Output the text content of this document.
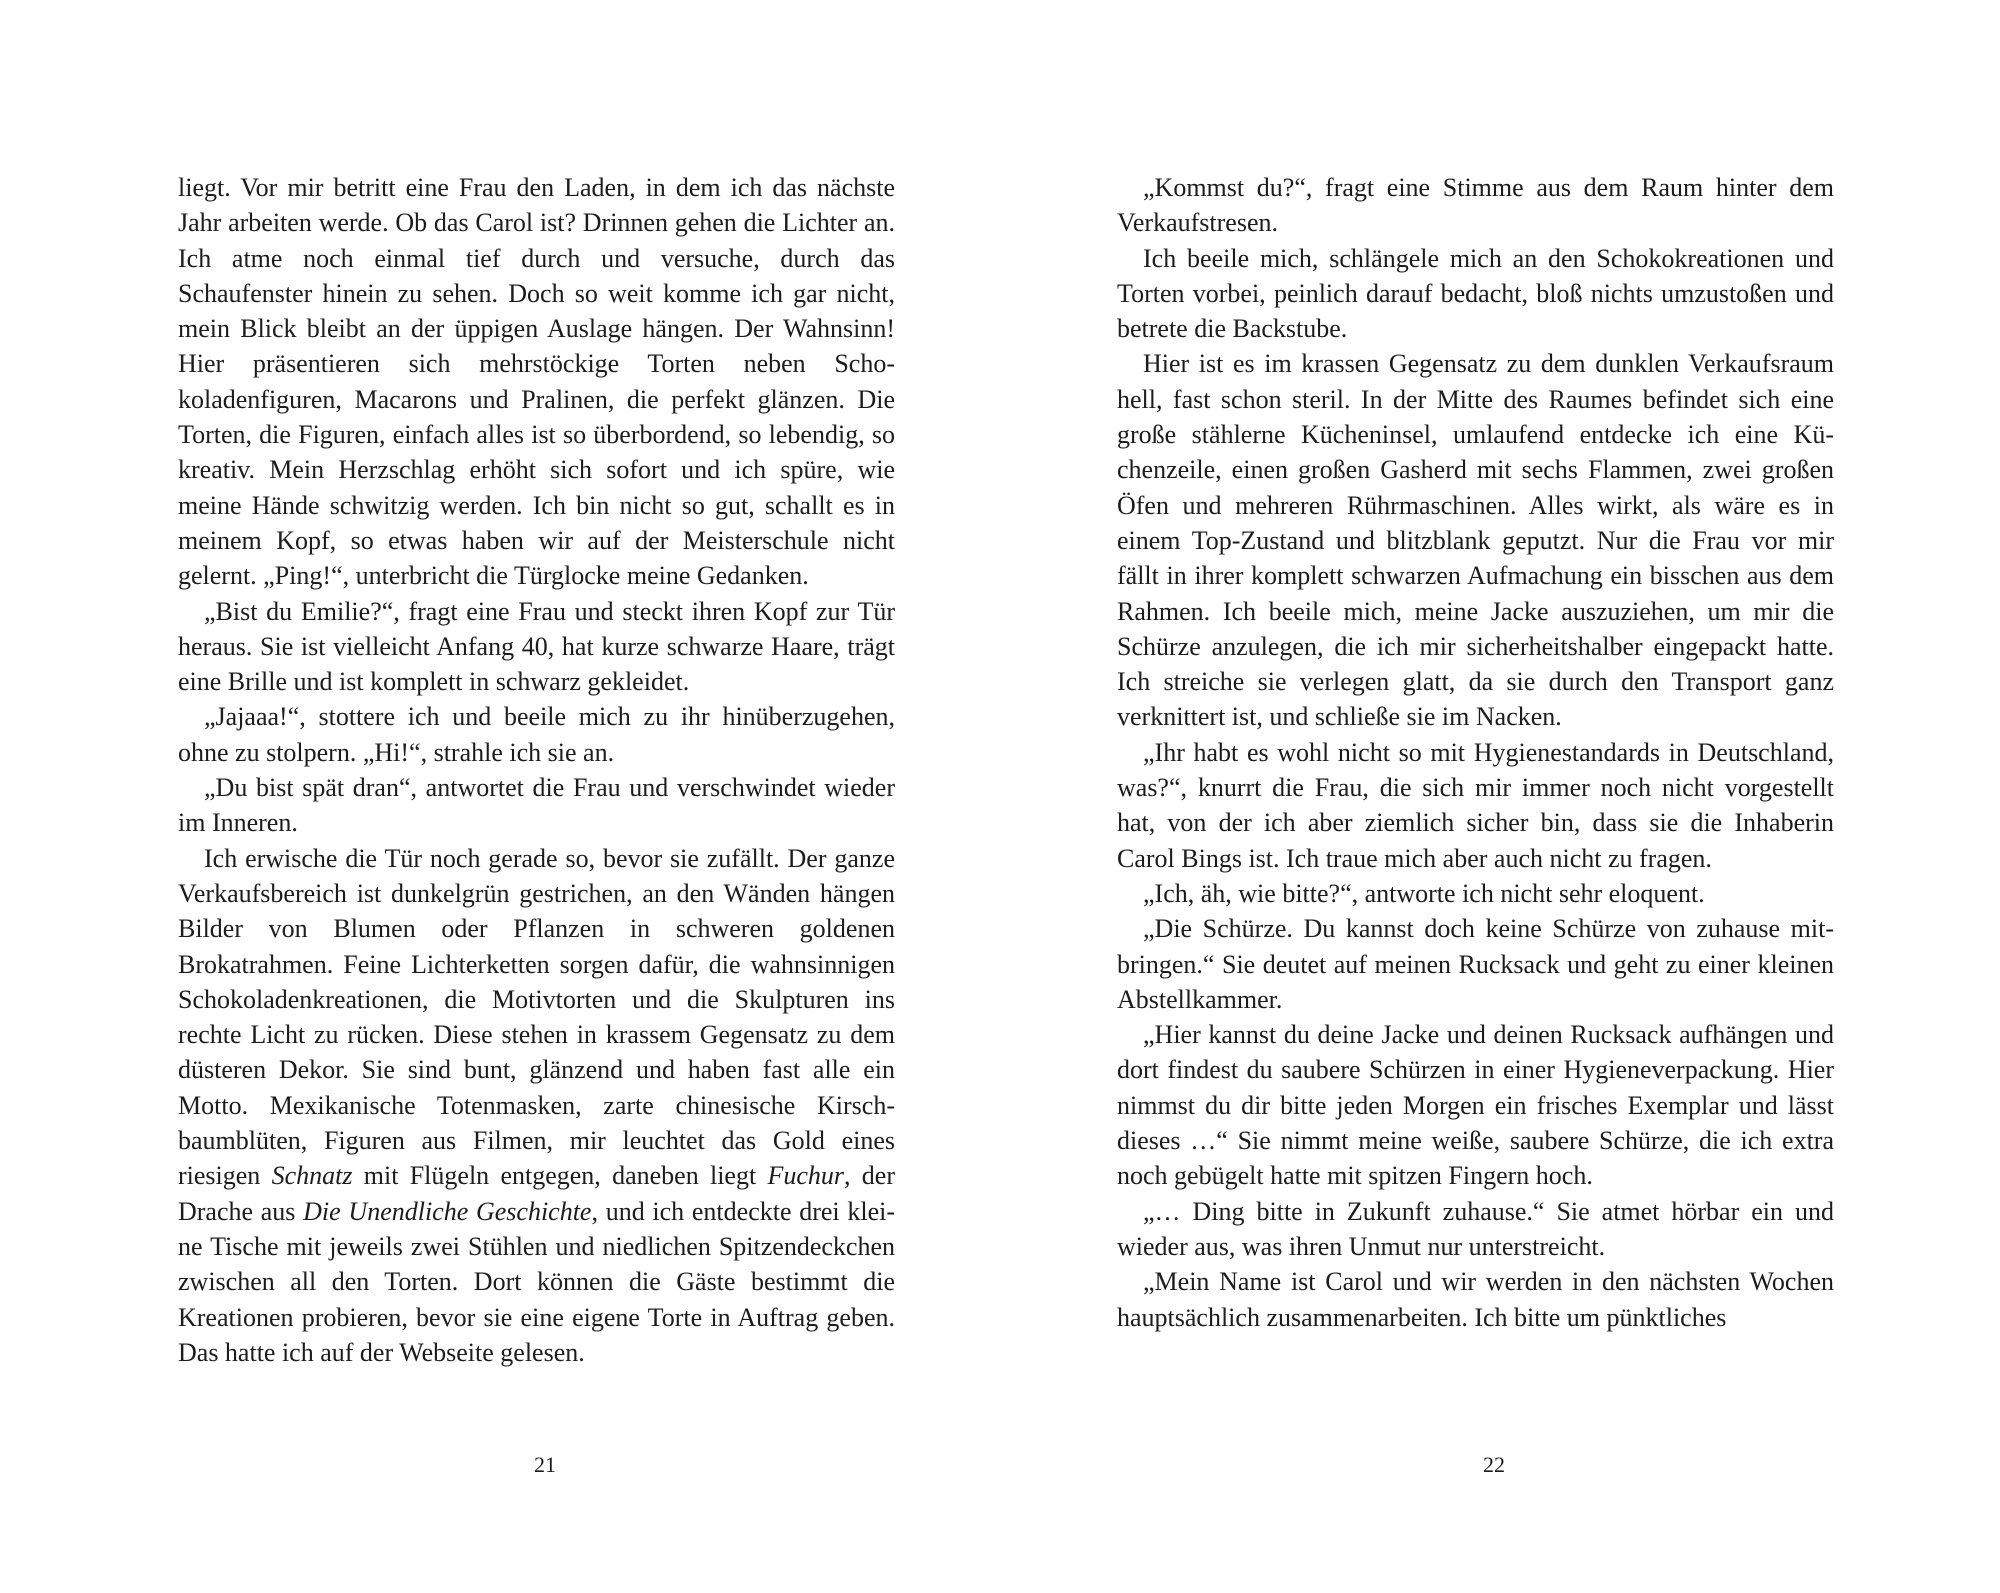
liegt. Vor mir betritt eine Frau den Laden, in dem ich das nächste Jahr arbeiten werde. Ob das Carol ist? Drinnen gehen die Lichter an. Ich atme noch einmal tief durch und versuche, durch das Schaufenster hinein zu sehen. Doch so weit komme ich gar nicht, mein Blick bleibt an der üppigen Auslage hängen. Der Wahnsinn! Hier präsentieren sich mehrstöckige Torten neben Schokoladenfiguren, Macarons und Pralinen, die perfekt glänzen. Die Torten, die Figuren, einfach alles ist so überbordend, so lebendig, so kreativ. Mein Herzschlag erhöht sich sofort und ich spüre, wie meine Hände schwitzig werden. Ich bin nicht so gut, schallt es in meinem Kopf, so etwas haben wir auf der Meisterschule nicht gelernt. „Ping!“, unterbricht die Türglocke meine Gedanken.

„Bist du Emilie?“, fragt eine Frau und steckt ihren Kopf zur Tür heraus. Sie ist vielleicht Anfang 40, hat kurze schwarze Haare, trägt eine Brille und ist komplett in schwarz gekleidet.

„Jajaaa!“, stottere ich und beeile mich zu ihr hinüberzugehen, ohne zu stolpern. „Hi!“, strahle ich sie an.

„Du bist spät dran“, antwortet die Frau und verschwindet wieder im Inneren.

Ich erwische die Tür noch gerade so, bevor sie zufällt. Der ganze Verkaufsbereich ist dunkelgrün gestrichen, an den Wänden hängen Bilder von Blumen oder Pflanzen in schweren goldenen Brokatrahmen. Feine Lichterketten sorgen dafür, die wahnsinnigen Schokoladenkreationen, die Motivtorten und die Skulpturen ins rechte Licht zu rücken. Diese stehen in krassem Gegensatz zu dem düsteren Dekor. Sie sind bunt, glänzend und haben fast alle ein Motto. Mexikanische Totenmasken, zarte chinesische Kirschbaumblüten, Figuren aus Filmen, mir leuchtet das Gold eines riesigen Schnatz mit Flügeln entgegen, daneben liegt Fuchur, der Drache aus Die Unendliche Geschichte, und ich entdeckte drei kleine Tische mit jeweils zwei Stühlen und niedlichen Spitzendeckchen zwischen all den Torten. Dort können die Gäste bestimmt die Kreationen probieren, bevor sie eine eigene Torte in Auftrag geben. Das hatte ich auf der Webseite gelesen.

„Kommst du?“, fragt eine Stimme aus dem Raum hinter dem Verkaufstresen.

Ich beeile mich, schlängele mich an den Schokokreationen und Torten vorbei, peinlich darauf bedacht, bloß nichts umzustoßen und betrete die Backstube.

Hier ist es im krassen Gegensatz zu dem dunklen Verkaufsraum hell, fast schon steril. In der Mitte des Raumes befindet sich eine große stählerne Kücheninsel, umlaufend entdecke ich eine Küchenzeile, einen großen Gasherd mit sechs Flammen, zwei großen Öfen und mehreren Rührmaschinen. Alles wirkt, als wäre es in einem Top-Zustand und blitzblank geputzt. Nur die Frau vor mir fällt in ihrer komplett schwarzen Aufmachung ein bisschen aus dem Rahmen. Ich beeile mich, meine Jacke auszuziehen, um mir die Schürze anzulegen, die ich mir sicherheitshalber eingepackt hatte. Ich streiche sie verlegen glatt, da sie durch den Transport ganz verknittert ist, und schließe sie im Nacken.

„Ihr habt es wohl nicht so mit Hygienestandards in Deutschland, was?“, knurrt die Frau, die sich mir immer noch nicht vorgestellt hat, von der ich aber ziemlich sicher bin, dass sie die Inhaberin Carol Bings ist. Ich traue mich aber auch nicht zu fragen.

„Ich, äh, wie bitte?“, antworte ich nicht sehr eloquent.

„Die Schürze. Du kannst doch keine Schürze von zuhause mitbringen.“ Sie deutet auf meinen Rucksack und geht zu einer kleinen Abstellkammer.

„Hier kannst du deine Jacke und deinen Rucksack aufhängen und dort findest du saubere Schürzen in einer Hygieneverpackung. Hier nimmst du dir bitte jeden Morgen ein frisches Exemplar und lässt dieses …“ Sie nimmt meine weiße, saubere Schürze, die ich extra noch gebügelt hatte mit spitzen Fingern hoch.

„… Ding bitte in Zukunft zuhause.“ Sie atmet hörbar ein und wieder aus, was ihren Unmut nur unterstreicht.

„Mein Name ist Carol und wir werden in den nächsten Wochen hauptsächlich zusammenarbeiten. Ich bitte um pünktliches

21	22
